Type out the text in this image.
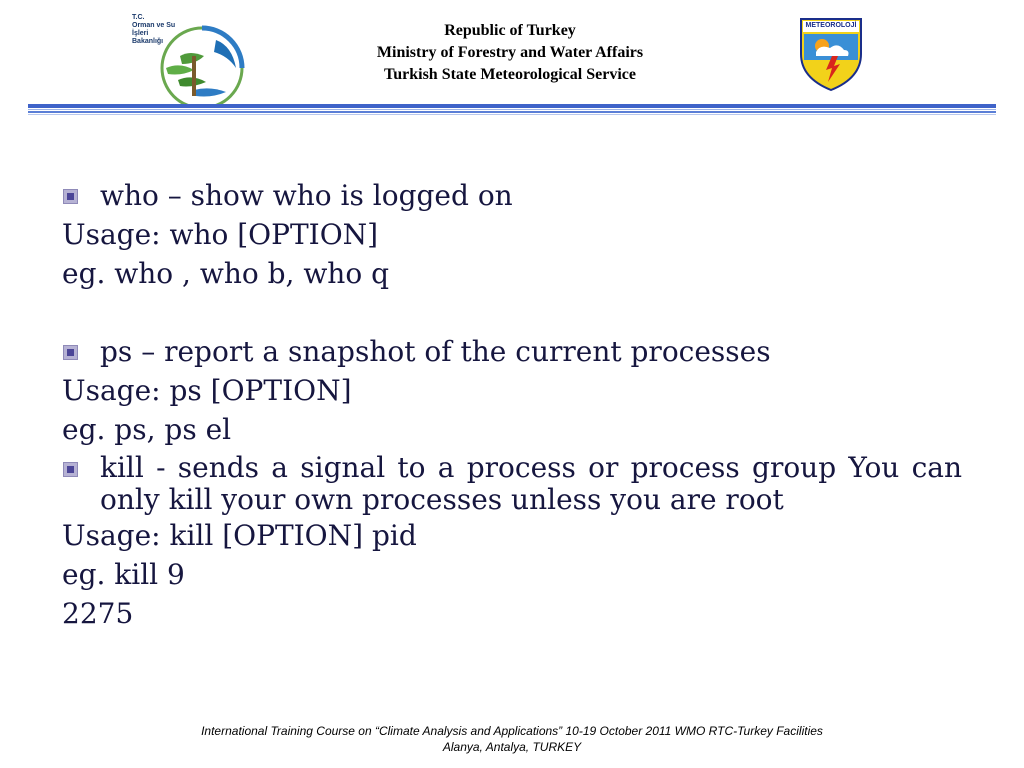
T.C.
Orman ve Su İşleri
Bakanlığı
Republic of Turkey
Ministry of Forestry and Water Affairs
Turkish State Meteorological Service
METEOROLOJİ
who – show who is logged on
Usage: who [OPTION]
eg. who , who b, who q
ps – report a snapshot of the current processes
Usage: ps [OPTION]
eg. ps, ps el
kill - sends a signal to a process or process group You can only kill your own processes unless you are root
Usage: kill [OPTION] pid
eg. kill 9
2275
International Training Course on “Climate Analysis and Applications” 10-19 October 2011 WMO RTC-Turkey Facilities
Alanya, Antalya, TURKEY
